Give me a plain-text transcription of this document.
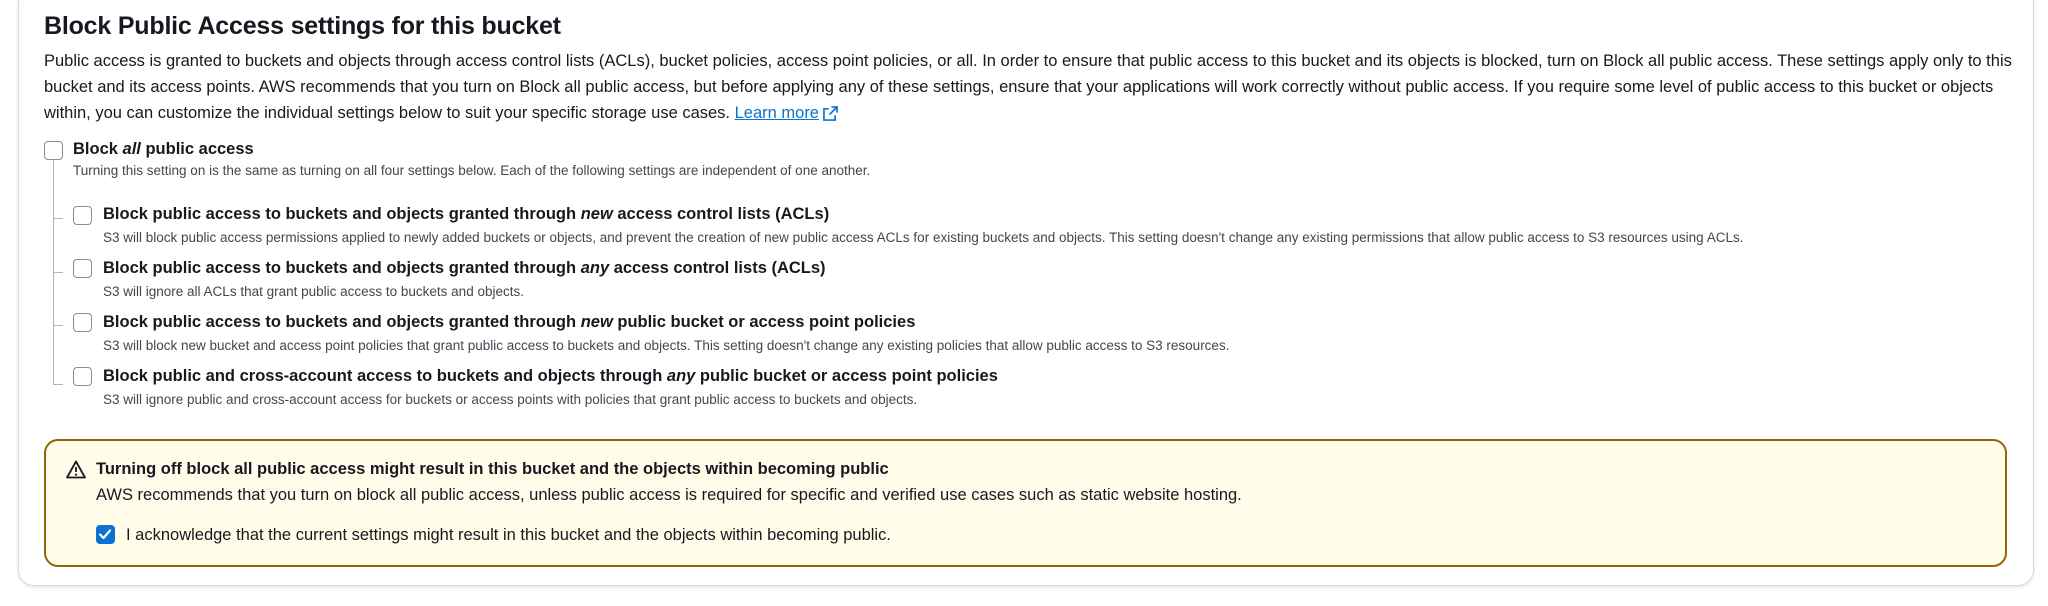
Block Public Access settings for this bucket
Public access is granted to buckets and objects through access control lists (ACLs), bucket policies, access point policies, or all. In order to ensure that public access to this bucket and its objects is blocked, turn on Block all public access. These settings apply only to this bucket and its access points. AWS recommends that you turn on Block all public access, but before applying any of these settings, ensure that your applications will work correctly without public access. If you require some level of public access to this bucket or objects within, you can customize the individual settings below to suit your specific storage use cases. Learn more
Block all public access
Turning this setting on is the same as turning on all four settings below. Each of the following settings are independent of one another.
Block public access to buckets and objects granted through new access control lists (ACLs)
S3 will block public access permissions applied to newly added buckets or objects, and prevent the creation of new public access ACLs for existing buckets and objects. This setting doesn't change any existing permissions that allow public access to S3 resources using ACLs.
Block public access to buckets and objects granted through any access control lists (ACLs)
S3 will ignore all ACLs that grant public access to buckets and objects.
Block public access to buckets and objects granted through new public bucket or access point policies
S3 will block new bucket and access point policies that grant public access to buckets and objects. This setting doesn't change any existing policies that allow public access to S3 resources.
Block public and cross-account access to buckets and objects through any public bucket or access point policies
S3 will ignore public and cross-account access for buckets or access points with policies that grant public access to buckets and objects.
Turning off block all public access might result in this bucket and the objects within becoming public
AWS recommends that you turn on block all public access, unless public access is required for specific and verified use cases such as static website hosting.
I acknowledge that the current settings might result in this bucket and the objects within becoming public.
